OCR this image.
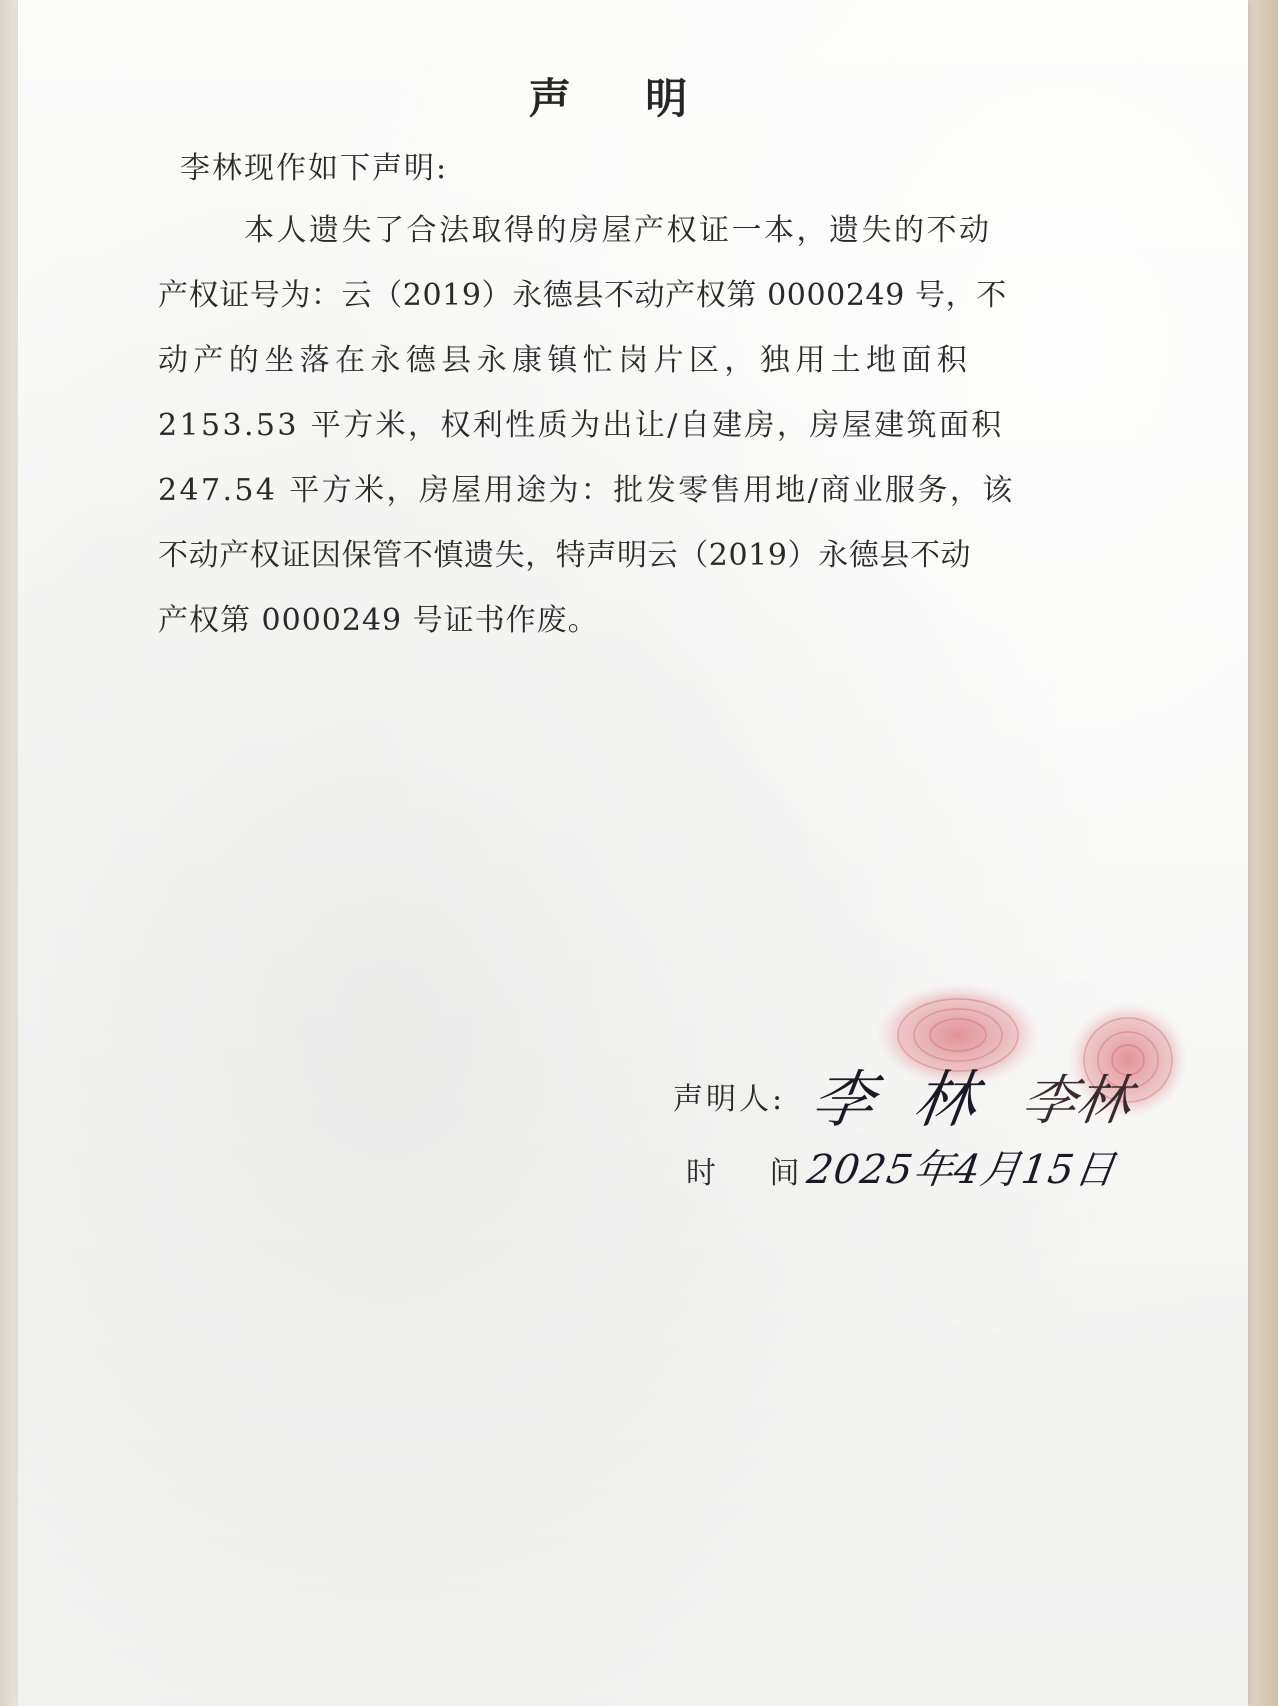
声 明
李林现作如下声明:
本人遗失了合法取得的房屋产权证一本，遗失的不动
产权证号为：云（2019）永德县不动产权第 0000249 号，不
动产的坐落在永德县永康镇忙岗片区，独用土地面积
2153.53 平方米，权利性质为出让/自建房，房屋建筑面积
247.54 平方米，房屋用途为：批发零售用地/商业服务，该
不动产权证因保管不慎遗失，特声明云（2019）永德县不动
产权第 0000249 号证书作废。
声明人: 李林
李林
时 间
2025年4月15日
